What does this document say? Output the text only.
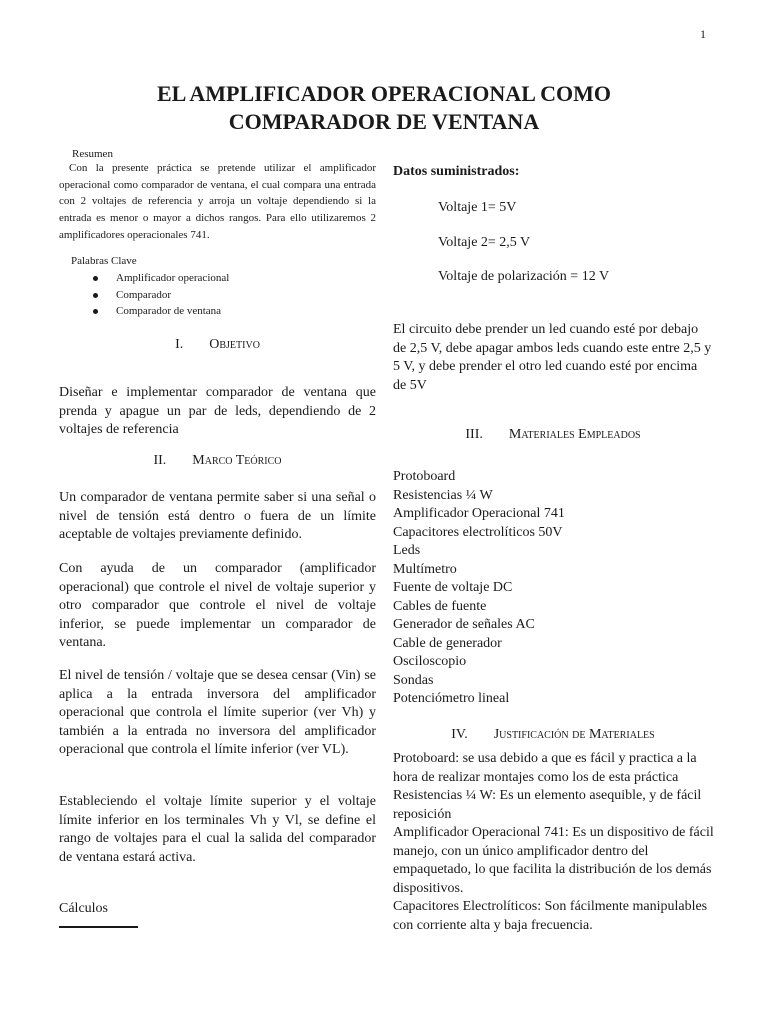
1
EL AMPLIFICADOR OPERACIONAL COMO
COMPARADOR DE VENTANA
Resumen
Con la presente práctica se pretende utilizar el amplificador operacional como comparador de ventana, el cual compara una entrada con 2 voltajes de referencia y arroja un voltaje dependiendo si la entrada es menor o mayor a dichos rangos. Para ello utilizaremos 2 amplificadores operacionales 741.
Palabras Clave
Amplificador operacional
Comparador
Comparador de ventana
I. Objetivo
Diseñar e implementar comparador de ventana que prenda y apague un par de leds, dependiendo de 2 voltajes de referencia
II. Marco Teórico
Un comparador de ventana permite saber si una señal o nivel de tensión está dentro o fuera de un límite aceptable de voltajes previamente definido.
Con ayuda de un comparador (amplificador operacional) que controle el nivel de voltaje superior y otro comparador que controle el nivel de voltaje inferior, se puede implementar un comparador de ventana.
El nivel de tensión / voltaje que se desea censar (Vin) se aplica a la entrada inversora del amplificador operacional que controla el límite superior (ver Vh) y también a la entrada no inversora del amplificador operacional que controla el límite inferior (ver VL).
Estableciendo el voltaje límite superior y el voltaje límite inferior en los terminales Vh y Vl, se define el rango de voltajes para el cual la salida del comparador de ventana estará activa.
Cálculos
Datos suministrados:
Voltaje 1= 5V
Voltaje 2= 2,5 V
Voltaje de polarización = 12 V
El circuito debe prender un led cuando esté por debajo de 2,5 V, debe apagar ambos leds cuando este entre 2,5 y 5 V, y debe prender el otro led cuando esté por encima de 5V
III. Materiales Empleados
Protoboard
Resistencias ¼ W
Amplificador Operacional 741
Capacitores electrolíticos 50V
Leds
Multímetro
Fuente de voltaje DC
Cables de fuente
Generador de señales AC
Cable de generador
Osciloscopio
Sondas
Potenciómetro lineal
IV. Justificación de Materiales

Protoboard: se usa debido a que es fácil y practica a la hora de realizar montajes como los de esta práctica

Resistencias ¼ W: Es un elemento asequible, y de fácil reposición

Amplificador Operacional 741: Es un dispositivo de fácil manejo, con un único amplificador dentro del empaquetado, lo que facilita la distribución de los demás dispositivos.

Capacitores Electrolíticos: Son fácilmente manipulables con corriente alta y baja frecuencia.
